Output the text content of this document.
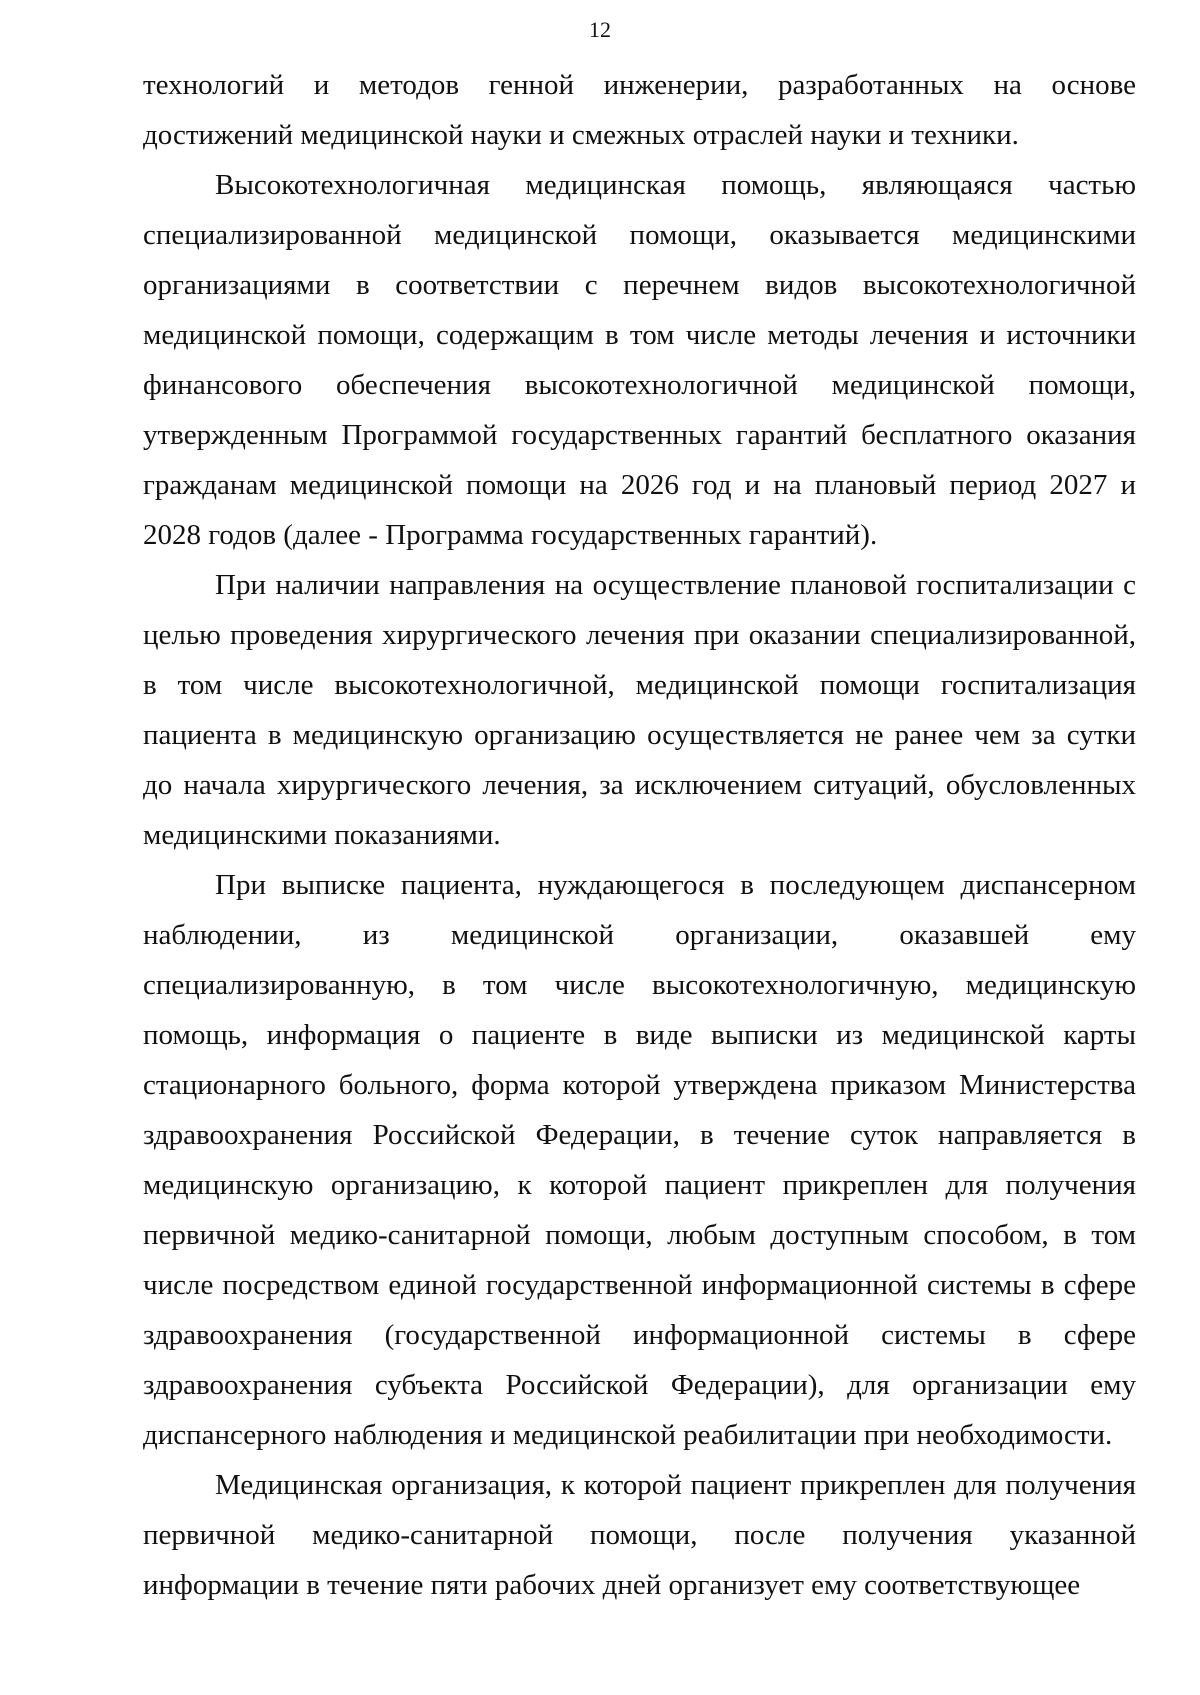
12

технологий и методов генной инженерии, разработанных на основе достижений медицинской науки и смежных отраслей науки и техники.

Высокотехнологичная медицинская помощь, являющаяся частью специализированной медицинской помощи, оказывается медицинскими организациями в соответствии с перечнем видов высокотехнологичной медицинской помощи, содержащим в том числе методы лечения и источники финансового обеспечения высокотехнологичной медицинской помощи, утвержденным Программой государственных гарантий бесплатного оказания гражданам медицинской помощи на 2026 год и на плановый период 2027 и 2028 годов (далее - Программа государственных гарантий).

При наличии направления на осуществление плановой госпитализации с целью проведения хирургического лечения при оказании специализированной, в том числе высокотехнологичной, медицинской помощи госпитализация пациента в медицинскую организацию осуществляется не ранее чем за сутки до начала хирургического лечения, за исключением ситуаций, обусловленных медицинскими показаниями.

При выписке пациента, нуждающегося в последующем диспансерном наблюдении, из медицинской организации, оказавшей ему специализированную, в том числе высокотехнологичную, медицинскую помощь, информация о пациенте в виде выписки из медицинской карты стационарного больного, форма которой утверждена приказом Министерства здравоохранения Российской Федерации, в течение суток направляется в медицинскую организацию, к которой пациент прикреплен для получения первичной медико-санитарной помощи, любым доступным способом, в том числе посредством единой государственной информационной системы в сфере здравоохранения (государственной информационной системы в сфере здравоохранения субъекта Российской Федерации), для организации ему диспансерного наблюдения и медицинской реабилитации при необходимости.

Медицинская организация, к которой пациент прикреплен для получения первичной медико-санитарной помощи, после получения указанной информации в течение пяти рабочих дней организует ему соответствующее
